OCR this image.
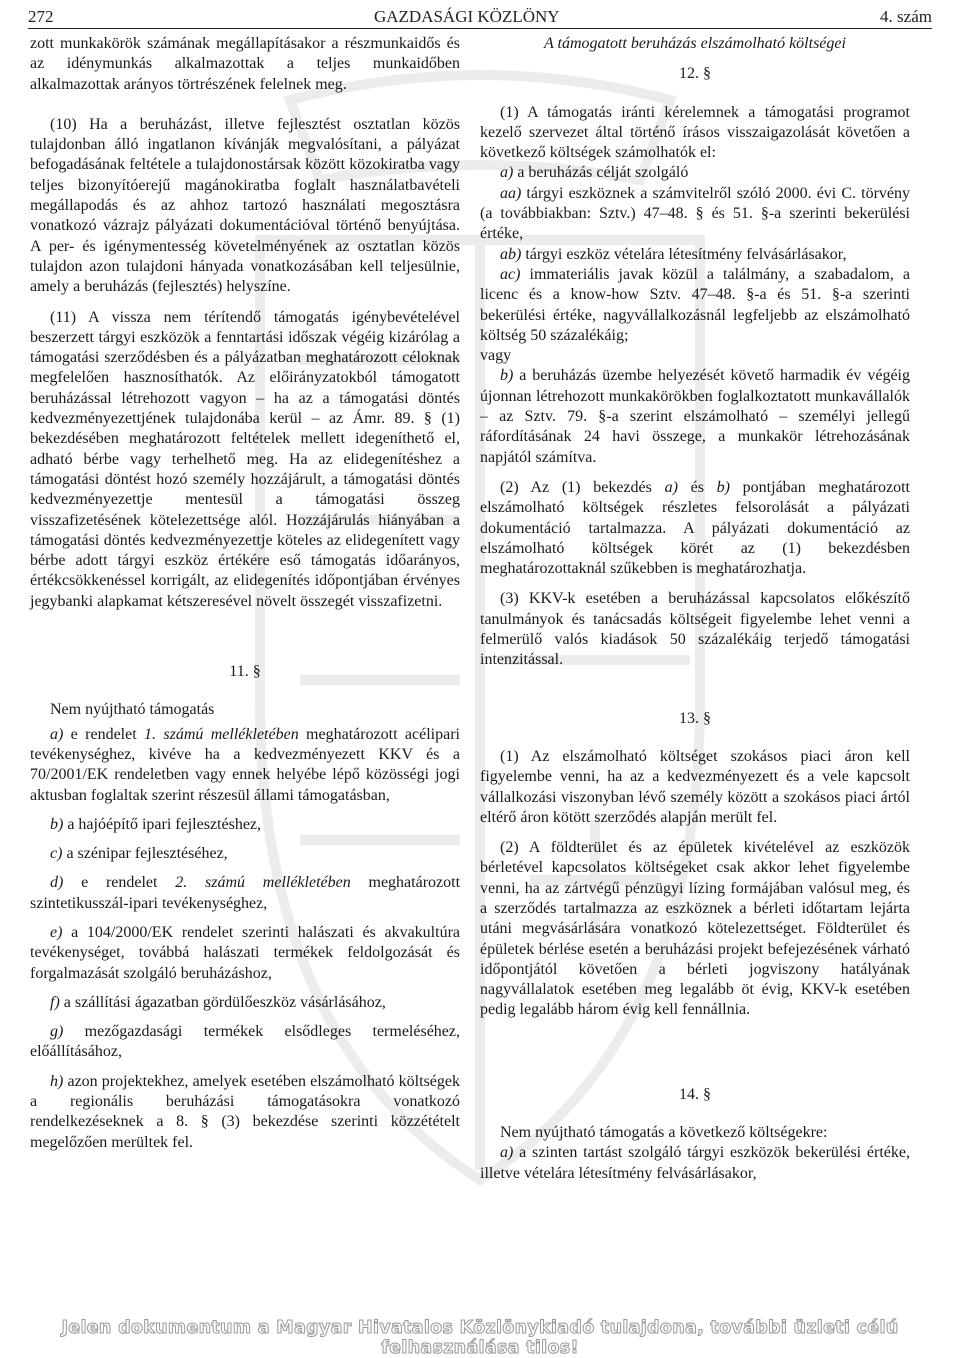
272	GAZDASÁGI KÖZLÖNY	4. szám

zott munkakörök számának megállapításakor a részmunkaidős és az idénymunkás alkalmazottak a teljes munkaidőben alkalmazottak arányos törtrészének felelnek meg.

(10) Ha a beruházást, illetve fejlesztést osztatlan közös tulajdonban álló ingatlanon kívánják megvalósítani, a pályázat befogadásának feltétele a tulajdonostársak között közokiratba vagy teljes bizonyítóerejű magánokiratba foglalt használatbavételi megállapodás és az ahhoz tartozó használati megosztásra vonatkozó vázrajz pályázati dokumentációval történő benyújtása. A per- és igénymentesség követelményének az osztatlan közös tulajdon azon tulajdoni hányada vonatkozásában kell teljesülnie, amely a beruházás (fejlesztés) helyszíne.

(11) A vissza nem térítendő támogatás igénybevételével beszerzett tárgyi eszközök a fenntartási időszak végéig kizárólag a támogatási szerződésben és a pályázatban meghatározott céloknak megfelelően hasznosíthatók. Az előirányzatokból támogatott beruházással létrehozott vagyon – ha az a támogatási döntés kedvezményezettjének tulajdonába kerül – az Ámr. 89. § (1) bekezdésében meghatározott feltételek mellett idegeníthető el, adható bérbe vagy terhelhető meg. Ha az elidegenítéshez a támogatási döntést hozó személy hozzájárult, a támogatási döntés kedvezményezettje mentesül a támogatási összeg visszafizetésének kötelezettsége alól. Hozzájárulás hiányában a támogatási döntés kedvezményezettje köteles az elidegenített vagy bérbe adott tárgyi eszköz értékére eső támogatás időarányos, értékcsökkenéssel korrigált, az elidegenítés időpontjában érvényes jegybanki alapkamat kétszeresével növelt összegét visszafizetni.

11. §

Nem nyújtható támogatás

a) e rendelet 1. számú mellékletében meghatározott acélipari tevékenységhez, kivéve ha a kedvezményezett KKV és a 70/2001/EK rendeletben vagy ennek helyébe lépő közösségi jogi aktusban foglaltak szerint részesül állami támogatásban,

b) a hajóépítő ipari fejlesztéshez,

c) a szénipar fejlesztéséhez,

d) e rendelet 2. számú mellékletében meghatározott szintetikusszál-ipari tevékenységhez,

e) a 104/2000/EK rendelet szerinti halászati és akvakultúra tevékenységet, továbbá halászati termékek feldolgozását és forgalmazását szolgáló beruházáshoz,

f) a szállítási ágazatban gördülőeszköz vásárlásához,

g) mezőgazdasági termékek elsődleges termeléséhez, előállításához,

h) azon projektekhez, amelyek esetében elszámolható költségek a regionális beruházási támogatásokra vonatkozó rendelkezéseknek a 8. § (3) bekezdése szerinti közzétételt megelőzően merültek fel.

A támogatott beruházás elszámolható költségei

12. §

(1) A támogatás iránti kérelemnek a támogatási programot kezelő szervezet által történő írásos visszaigazolását követően a következő költségek számolhatók el:

a) a beruházás célját szolgáló

aa) tárgyi eszköznek a számvitelről szóló 2000. évi C. törvény (a továbbiakban: Sztv.) 47–48. § és 51. §-a szerinti bekerülési értéke,

ab) tárgyi eszköz vételára létesítmény felvásárlásakor,

ac) immateriális javak közül a találmány, a szabadalom, a licenc és a know-how Sztv. 47–48. §-a és 51. §-a szerinti bekerülési értéke, nagyvállalkozásnál legfeljebb az elszámolható költség 50 százalékáig;

vagy

b) a beruházás üzembe helyezését követő harmadik év végéig újonnan létrehozott munkakörökben foglalkoztatott munkavállalók – az Sztv. 79. §-a szerint elszámolható – személyi jellegű ráfordításának 24 havi összege, a munkakör létrehozásának napjától számítva.

(2) Az (1) bekezdés a) és b) pontjában meghatározott elszámolható költségek részletes felsorolását a pályázati dokumentáció tartalmazza. A pályázati dokumentáció az elszámolható költségek körét az (1) bekezdésben meghatározottaknál szűkebben is meghatározhatja.

(3) KKV-k esetében a beruházással kapcsolatos előkészítő tanulmányok és tanácsadás költségeit figyelembe lehet venni a felmerülő valós kiadások 50 százalékáig terjedő támogatási intenzitással.

13. §

(1) Az elszámolható költséget szokásos piaci áron kell figyelembe venni, ha az a kedvezményezett és a vele kapcsolt vállalkozási viszonyban lévő személy között a szokásos piaci ártól eltérő áron kötött szerződés alapján merült fel.

(2) A földterület és az épületek kivételével az eszközök bérletével kapcsolatos költségeket csak akkor lehet figyelembe venni, ha az zártvégű pénzügyi lízing formájában valósul meg, és a szerződés tartalmazza az eszköznek a bérleti időtartam lejárta utáni megvásárlására vonatkozó kötelezettséget. Földterület és épületek bérlése esetén a beruházási projekt befejezésének várható időpontjától követően a bérleti jogviszony hatályának nagyvállalatok esetében meg legalább öt évig, KKV-k esetében pedig legalább három évig kell fennállnia.

14. §

Nem nyújtható támogatás a következő költségekre:

a) a szinten tartást szolgáló tárgyi eszközök bekerülési értéke, illetve vételára létesítmény felvásárlásakor,

Jelen dokumentum a Magyar Hivatalos Közlönykiadó tulajdona, további üzleti célú felhasználása tilos!
